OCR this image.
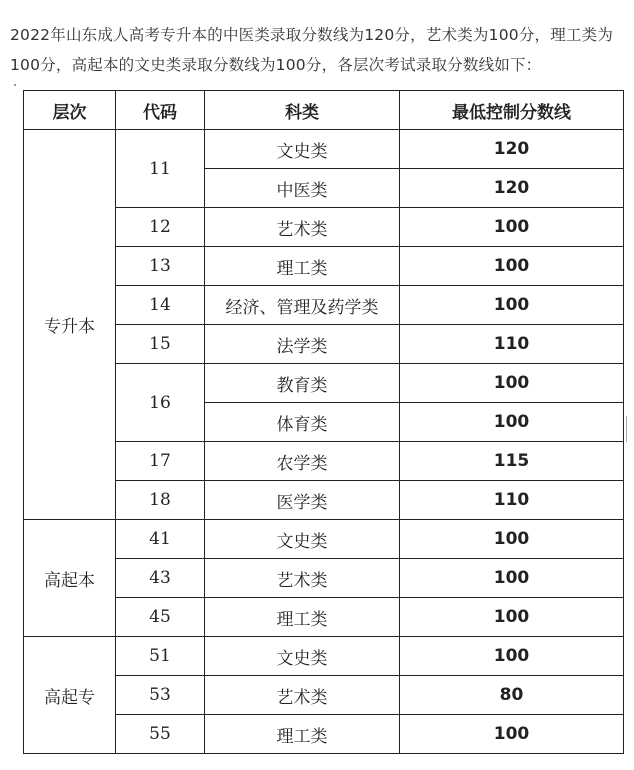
2022年山东成人高考专升本的中医类录取分数线为120分，艺术类为100分，理工类为100分，高起本的文史类录取分数线为100分，各层次考试录取分数线如下：

层次	代码	科类	最低控制分数线
专升本	11	文史类	120
		中医类	120
	12	艺术类	100
	13	理工类	100
	14	经济、管理及药学类	100
	15	法学类	110
	16	教育类	100
		体育类	100
	17	农学类	115
	18	医学类	110
高起本	41	文史类	100
	43	艺术类	100
	45	理工类	100
高起专	51	文史类	100
	53	艺术类	80
	55	理工类	100
